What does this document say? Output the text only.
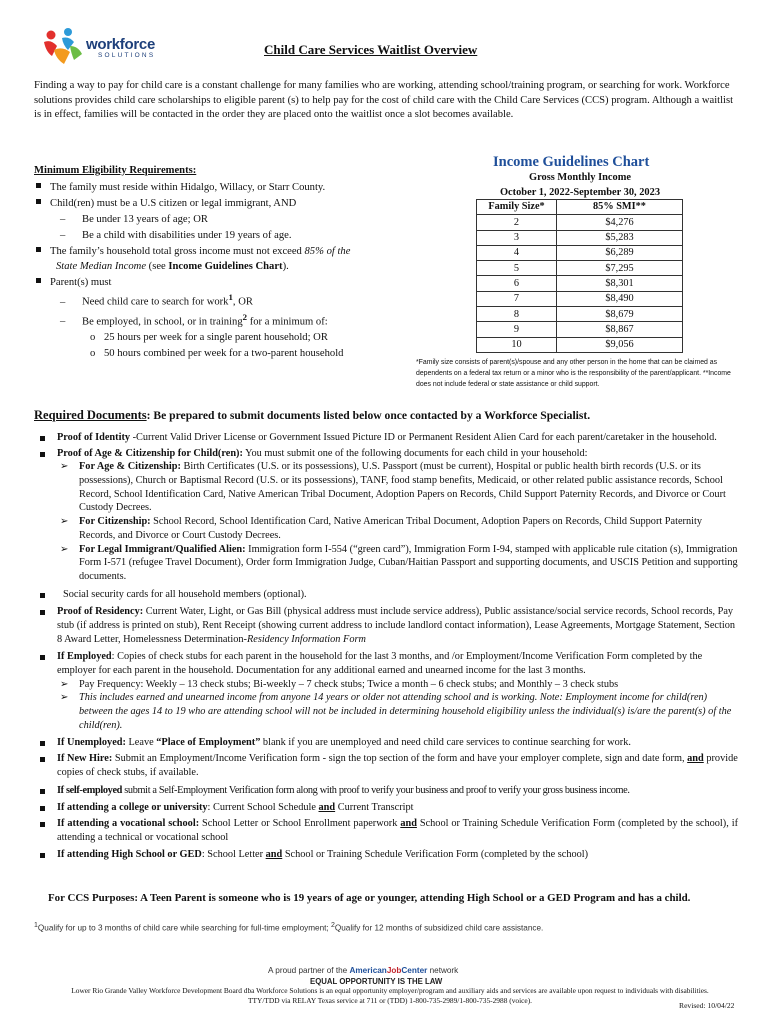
workforce
SOLUTIONS	Child Care Services Waitlist Overview
Finding a way to pay for child care is a constant challenge for many families who are working, attending school/training program, or searching for work. Workforce solutions provides child care scholarships to eligible parent (s) to help pay for the cost of child care with the Child Care Services (CCS) program. Although a waitlist is in effect, families will be contacted in the order they are placed onto the waitlist once a slot becomes available.
Minimum Eligibility Requirements:
The family must reside within Hidalgo, Willacy, or Starr County.
Child(ren) must be a U.S citizen or legal immigrant, AND
– Be under 13 years of age; OR
– Be a child with disabilities under 19 years of age.
The family’s household total gross income must not exceed 85% of the
State Median Income (see Income Guidelines Chart).
Parent(s) must
– Need child care to search for work$^1$, OR
– Be employed, in school, or in training$^2$ for a minimum of:
o 25 hours per week for a single parent household; OR
o 50 hours combined per week for a two-parent household
Income Guidelines Chart
Gross Monthly Income
October 1, 2022-September 30, 2023
Family Size*	85% SMI**
2	$4,276
3	$5,283
4	$6,289
5	$7,295
6	$8,301
7	$8,490
8	$8,679
9	$8,867
10	$9,056
*Family size consists of parent(s)/spouse and any other person in the home that can be claimed as dependents on a federal tax return or a minor who is the responsibility of the parent/applicant. **Income does not include federal or state assistance or child support.
Required Documents: Be prepared to submit documents listed below once contacted by a Workforce Specialist.
Proof of Identity -Current Valid Driver License or Government Issued Picture ID or Permanent Resident Alien Card for each parent/caretaker in the household.
Proof of Age & Citizenship for Child(ren): You must submit one of the following documents for each child in your household:
➢ For Age & Citizenship: Birth Certificates (U.S. or its possessions), U.S. Passport (must be current), Hospital or public health birth records (U.S. or its possessions), Church or Baptismal Record (U.S. or its possessions), TANF, food stamp benefits, Medicaid, or other related public assistance records, School Record, School Identification Card, Native American Tribal Document, Adoption Papers on Records, Child Support Paternity Records, and Divorce or Court Custody Decrees.
➢ For Citizenship: School Record, School Identification Card, Native American Tribal Document, Adoption Papers on Records, Child Support Paternity Records, and Divorce or Court Custody Decrees.
➢ For Legal Immigrant/Qualified Alien: Immigration form I-554 (“green card”), Immigration Form I-94, stamped with applicable rule citation (s), Immigration Form I-571 (refugee Travel Document), Order form Immigration Judge, Cuban/Haitian Passport and supporting documents, and USCIS Petition and supporting documents.
Social security cards for all household members (optional).
Proof of Residency: Current Water, Light, or Gas Bill (physical address must include service address), Public assistance/social service records, School records, Pay stub (if address is printed on stub), Rent Receipt (showing current address to include landlord contact information), Lease Agreements, Mortgage Statement, Section 8 Award Letter, Homelessness Determination-Residency Information Form
If Employed: Copies of check stubs for each parent in the household for the last 3 months, and /or Employment/Income Verification Form completed by the employer for each parent in the household. Documentation for any additional earned and unearned income for the last 3 months.
➢ Pay Frequency: Weekly – 13 check stubs; Bi-weekly – 7 check stubs; Twice a month – 6 check stubs; and Monthly – 3 check stubs
➢ This includes earned and unearned income from anyone 14 years or older not attending school and is working. Note: Employment income for child(ren) between the ages 14 to 19 who are attending school will not be included in determining household eligibility unless the individual(s) is/are the parent(s) of the child(ren).
If Unemployed: Leave “Place of Employment” blank if you are unemployed and need child care services to continue searching for work.
If New Hire: Submit an Employment/Income Verification form - sign the top section of the form and have your employer complete, sign and date form, and provide copies of check stubs, if available.
If self-employed submit a Self-Employment Verification form along with proof to verify your business and proof to verify your gross business income.
If attending a college or university: Current School Schedule and Current Transcript
If attending a vocational school: School Letter or School Enrollment paperwork and School or Training Schedule Verification Form (completed by the school), if attending a technical or vocational school
If attending High School or GED: School Letter and School or Training Schedule Verification Form (completed by the school)
For CCS Purposes: A Teen Parent is someone who is 19 years of age or younger, attending High School or a GED Program and has a child.
$^1$Qualify for up to 3 months of child care while searching for full-time employment; $^2$Qualify for 12 months of subsidized child care assistance.
A proud partner of the AmericanJobCenter network
EQUAL OPPORTUNITY IS THE LAW
Lower Rio Grande Valley Workforce Development Board dba Workforce Solutions is an equal opportunity employer/program and auxiliary aids and services are available upon request to individuals with disabilities. TTY/TDD via RELAY Texas service at 711 or (TDD) 1-800-735-2989/1-800-735-2988 (voice).
Revised: 10/04/22
